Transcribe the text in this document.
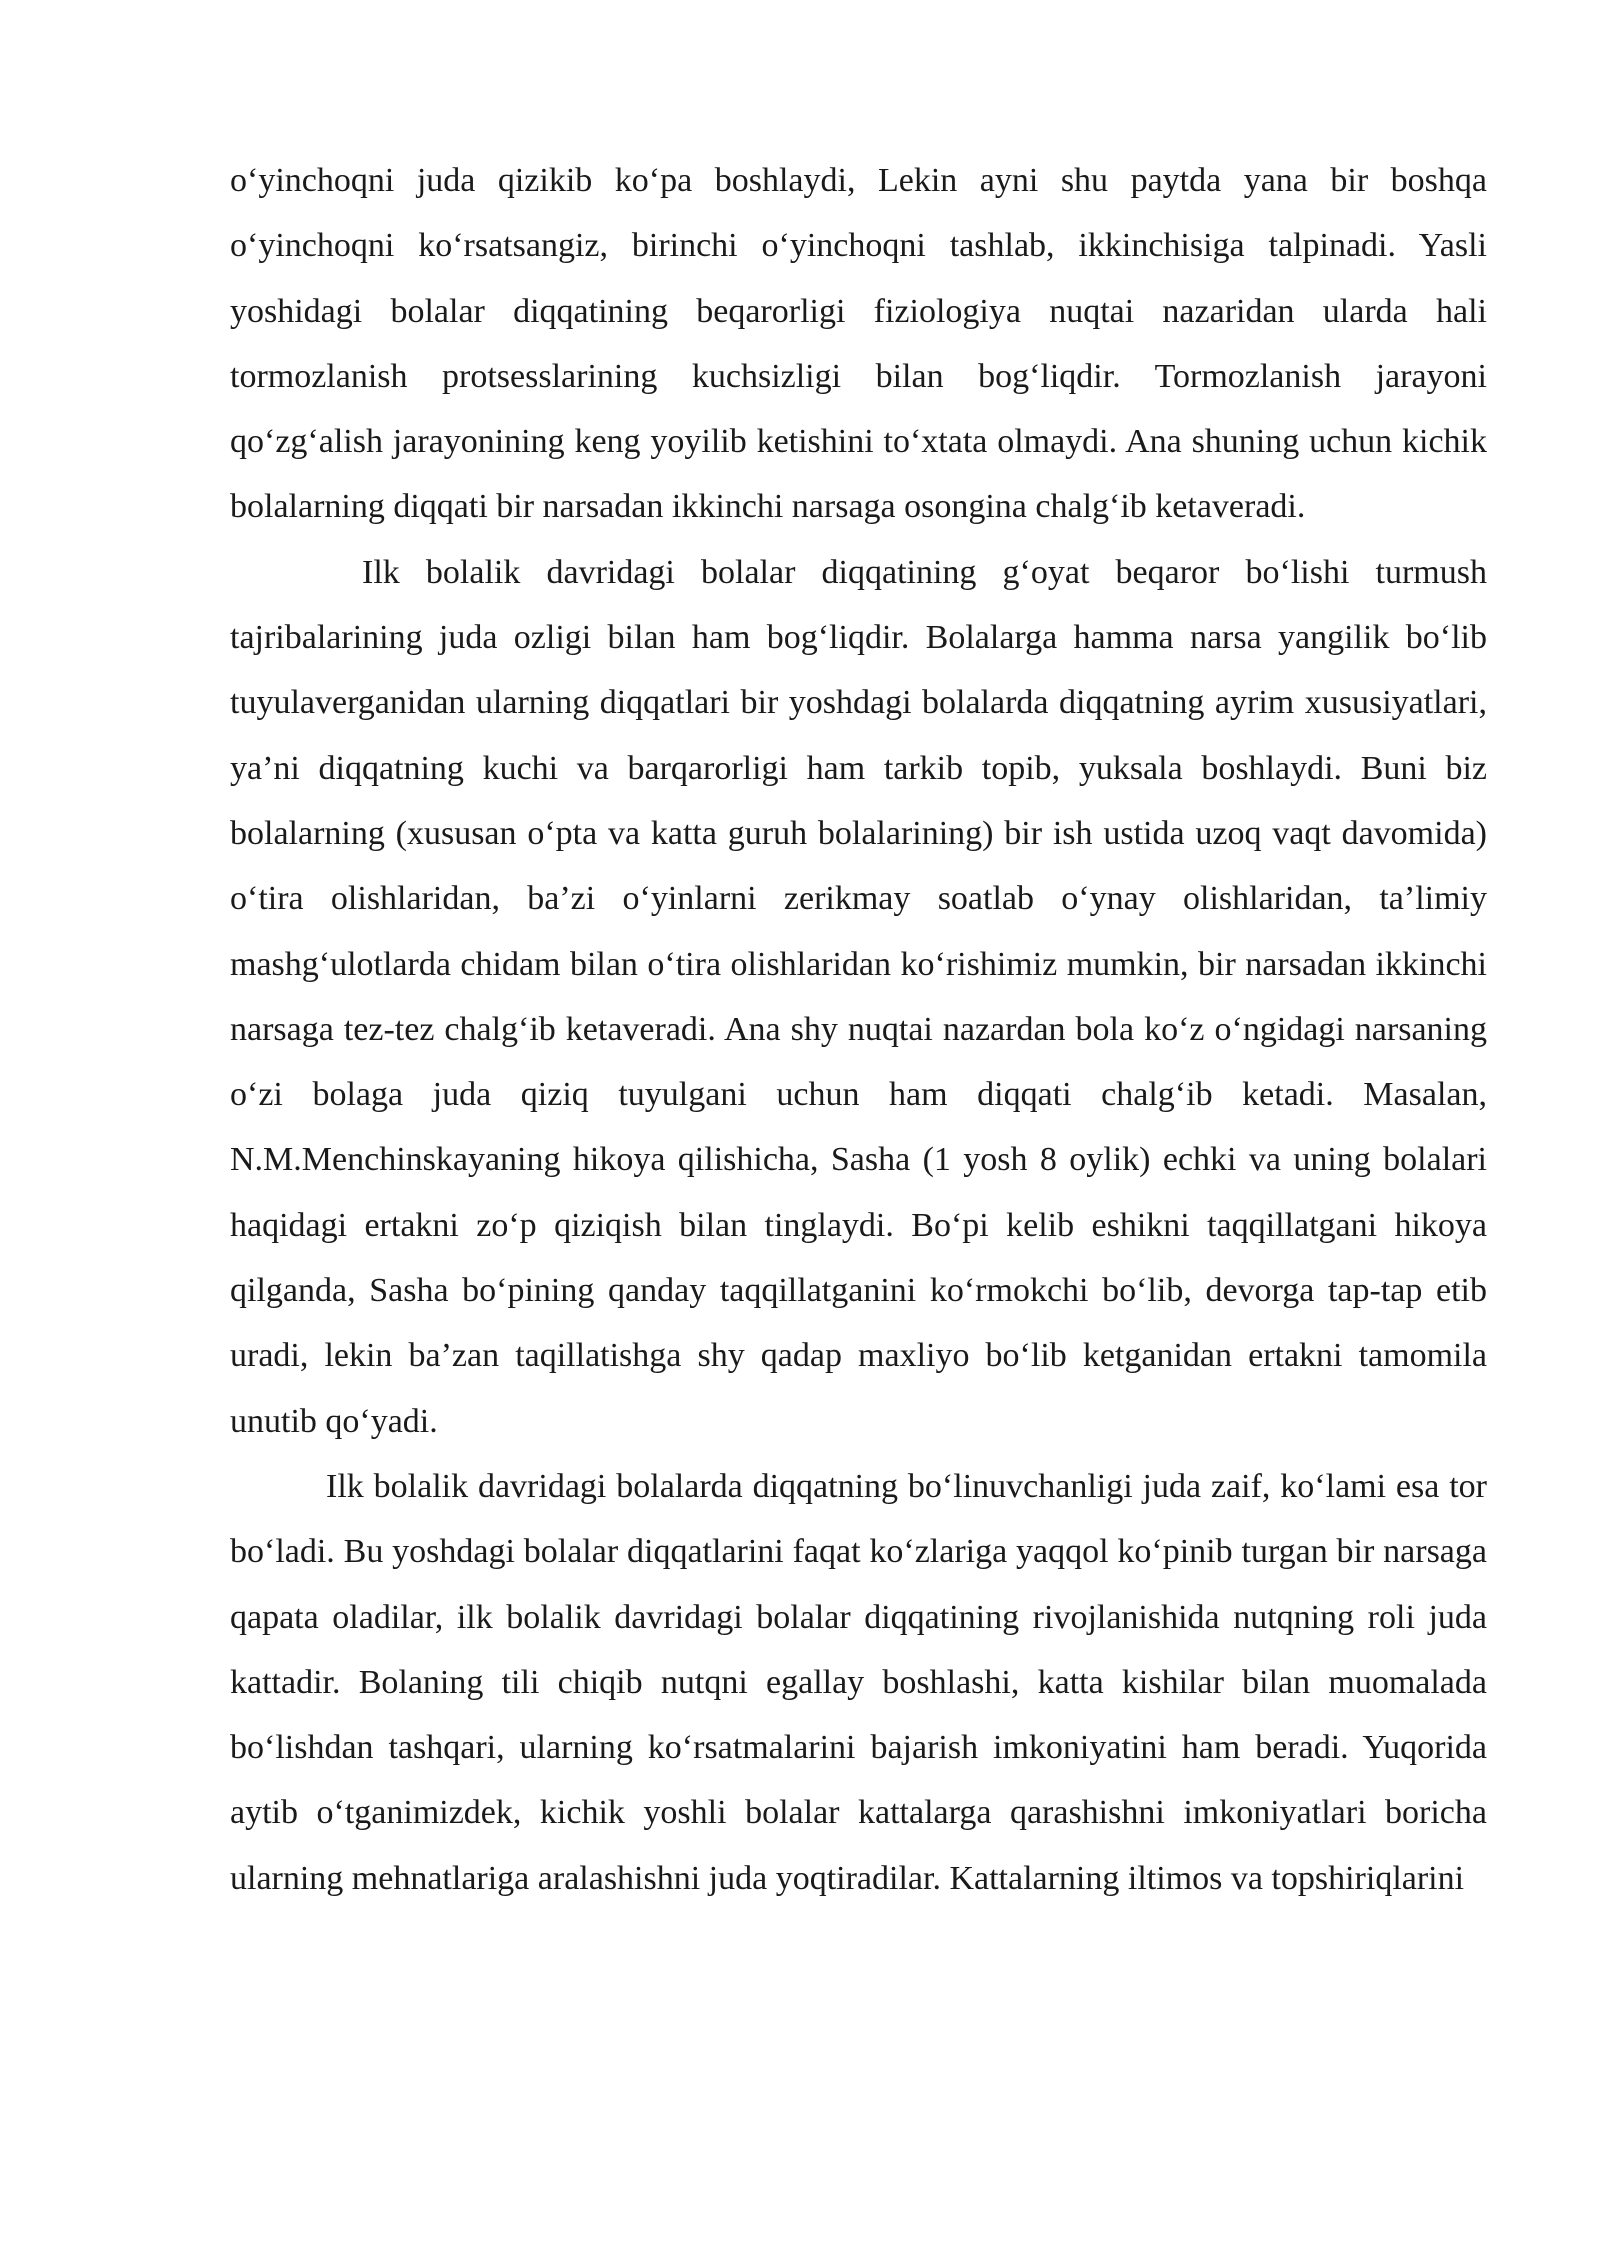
o‘yinchoqni juda qizikib ko‘pa boshlaydi, Lekin ayni shu paytda yana bir boshqa o‘yinchoqni ko‘rsatsangiz, birinchi o‘yinchoqni tashlab, ikkinchisiga talpinadi. Yasli yoshidagi bolalar diqqatining beqarorligi fiziologiya nuqtai nazaridan ularda hali tormozlanish protsesslarining kuchsizligi bilan bog‘liqdir. Tormozlanish jarayoni qo‘zg‘alish jarayonining keng yoyilib ketishini to‘xtata olmaydi. Ana shuning uchun kichik bolalarning diqqati bir narsadan ikkinchi narsaga osongina chalg‘ib ketaveradi.

Ilk bolalik davridagi bolalar diqqatining g‘oyat beqaror bo‘lishi turmush tajribalarining juda ozligi bilan ham bog‘liqdir. Bolalarga hamma narsa yangilik bo‘lib tuyulaverganidan ularning diqqatlari bir yoshdagi bolalarda diqqatning ayrim xususiyatlari, ya’ni diqqatning kuchi va barqarorligi ham tarkib topib, yuksala boshlaydi. Buni biz bolalarning (xususan o‘pta va katta guruh bolalarining) bir ish ustida uzoq vaqt davomida) o‘tira olishlaridan, ba’zi o‘yinlarni zerikmay soatlab o‘ynay olishlaridan, ta’limiy mashg‘ulotlarda chidam bilan o‘tira olishlaridan ko‘rishimiz mumkin, bir narsadan ikkinchi narsaga tez-tez chalg‘ib ketaveradi. Ana shy nuqtai nazardan bola ko‘z o‘ngidagi narsaning o‘zi bolaga juda qiziq tuyulgani uchun ham diqqati chalg‘ib ketadi. Masalan, N.M.Menchinskayaning hikoya qilishicha, Sasha (1 yosh 8 oylik) echki va uning bolalari haqidagi ertakni zo‘p qiziqish bilan tinglaydi. Bo‘pi kelib eshikni taqqillatgani hikoya qilganda, Sasha bo‘pining qanday taqqillatganini ko‘rmokchi bo‘lib, devorga tap-tap etib uradi, lekin ba’zan taqillatishga shy qadap maxliyo bo‘lib ketganidan ertakni tamomila unutib qo‘yadi.

Ilk bolalik davridagi bolalarda diqqatning bo‘linuvchanligi juda zaif, ko‘lami esa tor bo‘ladi. Bu yoshdagi bolalar diqqatlarini faqat ko‘zlariga yaqqol ko‘pinib turgan bir narsaga qapata oladilar, ilk bolalik davridagi bolalar diqqatining rivojlanishida nutqning roli juda kattadir. Bolaning tili chiqib nutqni egallay boshlashi, katta kishilar bilan muomalada bo‘lishdan tashqari, ularning ko‘rsatmalarini bajarish imkoniyatini ham beradi. Yuqorida aytib o‘tganimizdek, kichik yoshli bolalar kattalarga qarashishni imkoniyatlari boricha ularning mehnatlariga aralashishni juda yoqtiradilar. Kattalarning iltimos va topshiriqlarini
